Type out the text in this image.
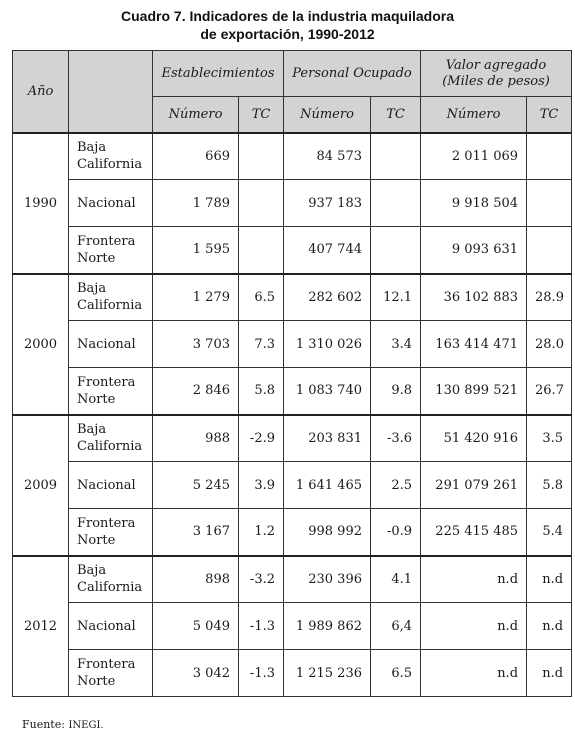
Cuadro 7. Indicadores de la industria maquiladora
de exportación, 1990-2012
Año		Establecimientos		Personal Ocupado		Valor agregado
(Miles de pesos)	

		Número	TC	Número	TC	Número	TC
1990	Baja
California	669		84 573		2 011 069	

	Nacional	1 789		937 183		9 918 504	

	Frontera
Norte	1 595		407 744		9 093 631	
2000	Baja
California	1 279	6.5	282 602	12.1	36 102 883	28.9

	Nacional	3 703	7.3	1 310 026	3.4	163 414 471	28.0

	Frontera
Norte	2 846	5.8	1 083 740	9.8	130 899 521	26.7
2009	Baja
California	988	-2.9	203 831	-3.6	51 420 916	3.5

	Nacional	5 245	3.9	1 641 465	2.5	291 079 261	5.8

	Frontera
Norte	3 167	1.2	998 992	-0.9	225 415 485	5.4
2012	Baja
California	898	-3.2	230 396	4.1	n.d	n.d

	Nacional	5 049	-1.3	1 989 862	6,4	n.d	n.d

	Frontera
Norte	3 042	-1.3	1 215 236	6.5	n.d	n.d
Fuente: INEGI.
